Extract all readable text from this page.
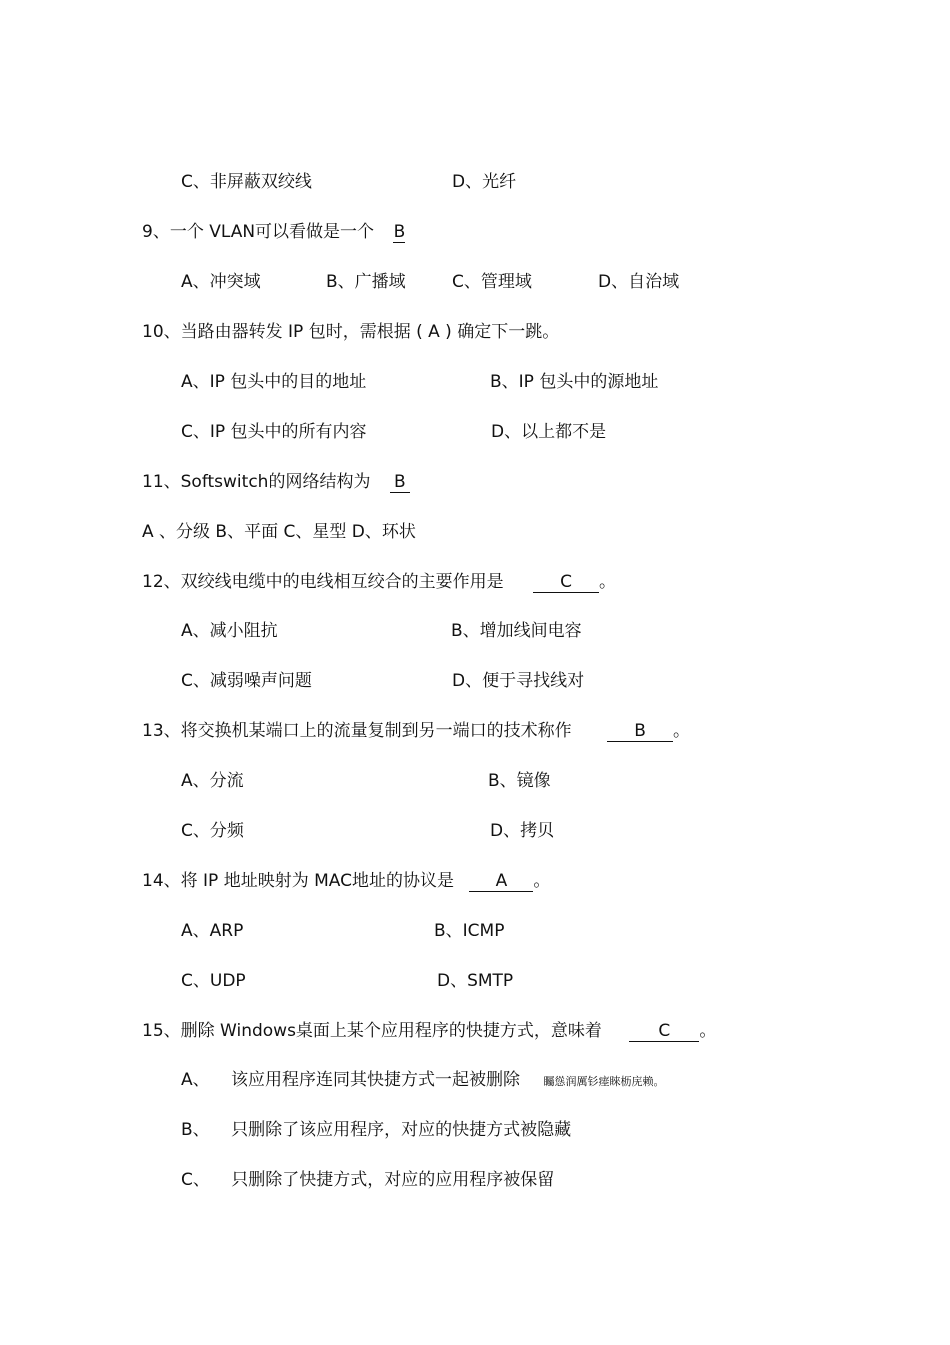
C、非屏蔽双绞线	D、光纤
9、一个 VLAN可以看做是一个 B
A、冲突域	B、广播域	C、管理域	D、自治域
10、当路由器转发 IP 包时，需根据 ( A ) 确定下一跳。
A、IP 包头中的目的地址	B、IP 包头中的源地址
C、IP 包头中的所有内容	D、以上都不是
11、Softswitch的网络结构为 B
A 、分级 B、平面 C、星型 D、环状
12、双绞线电缆中的电线相互绞合的主要作用是	C 。
A、减小阻抗	B、增加线间电容
C、减弱噪声问题	D、便于寻找线对
13、将交换机某端口上的流量复制到另一端口的技术称作	B 。
A、分流	B、镜像
C、分频	D、拷贝
14、将 IP 地址映射为 MAC地址的协议是 A 。
A、ARP	B、ICMP
C、UDP	D、SMTP
15、删除 Windows桌面上某个应用程序的快捷方式，意味着	C 。
A、 该应用程序连同其快捷方式一起被删除 矚慫润厲钐瘗睞枥庑赖。
B、 只删除了该应用程序，对应的快捷方式被隐藏
C、 只删除了快捷方式，对应的应用程序被保留
